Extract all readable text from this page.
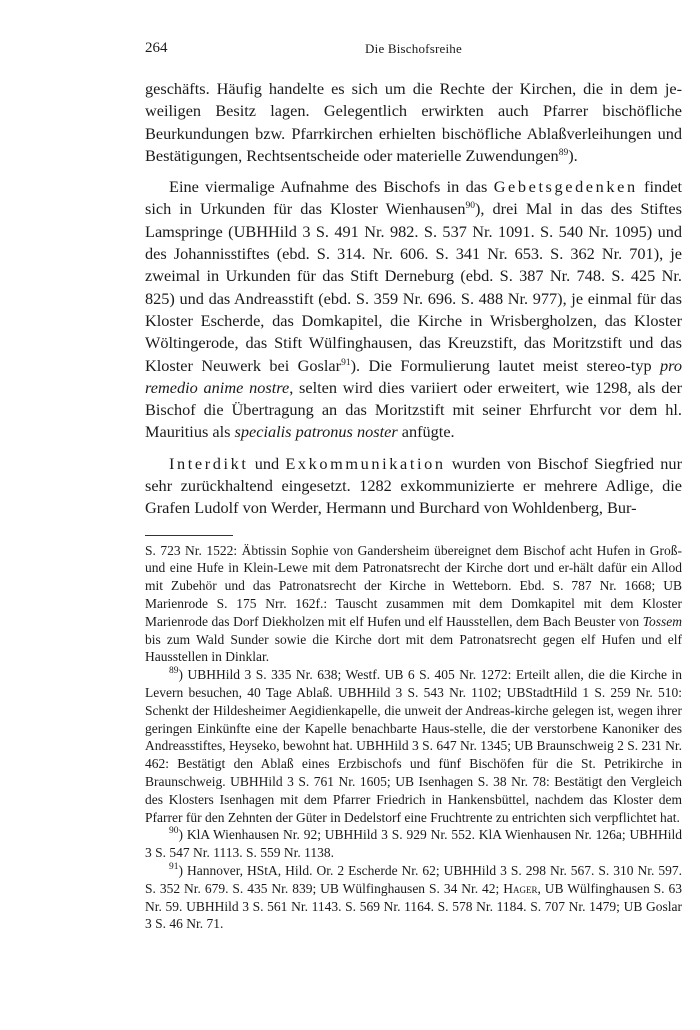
264	Die Bischofsreihe

geschäfts. Häufig handelte es sich um die Rechte der Kirchen, die in dem je-weiligen Besitz lagen. Gelegentlich erwirkten auch Pfarrer bischöfliche Beurkundungen bzw. Pfarrkirchen erhielten bischöfliche Ablaßverleihungen und Bestätigungen, Rechtsentscheide oder materielle Zuwendungen$^{89}$).

Eine viermalige Aufnahme des Bischofs in das Gebetsgedenken findet sich in Urkunden für das Kloster Wienhausen$^{90}$), drei Mal in das des Stiftes Lamspringe (UBHHild 3 S. 491 Nr. 982. S. 537 Nr. 1091. S. 540 Nr. 1095) und des Johannisstiftes (ebd. S. 314. Nr. 606. S. 341 Nr. 653. S. 362 Nr. 701), je zweimal in Urkunden für das Stift Derneburg (ebd. S. 387 Nr. 748. S. 425 Nr. 825) und das Andreasstift (ebd. S. 359 Nr. 696. S. 488 Nr. 977), je einmal für das Kloster Escherde, das Domkapitel, die Kirche in Wrisbergholzen, das Kloster Wöltingerode, das Stift Wülfinghausen, das Kreuzstift, das Moritzstift und das Kloster Neuwerk bei Goslar$^{91}$). Die Formulierung lautet meist stereo-typ pro remedio anime nostre, selten wird dies variiert oder erweitert, wie 1298, als der Bischof die Übertragung an das Moritzstift mit seiner Ehrfurcht vor dem hl. Mauritius als specialis patronus noster anfügte.

Interdikt und Exkommunikation wurden von Bischof Siegfried nur sehr zurückhaltend eingesetzt. 1282 exkommunizierte er mehrere Adlige, die Grafen Ludolf von Werder, Hermann und Burchard von Wohldenberg, Bur-

S. 723 Nr. 1522: Äbtissin Sophie von Gandersheim übereignet dem Bischof acht Hufen in Groß- und eine Hufe in Klein-Lewe mit dem Patronatsrecht der Kirche dort und er-hält dafür ein Allod mit Zubehör und das Patronatsrecht der Kirche in Wetteborn. Ebd. S. 787 Nr. 1668; UB Marienrode S. 175 Nrr. 162f.: Tauscht zusammen mit dem Domkapitel mit dem Kloster Marienrode das Dorf Diekholzen mit elf Hufen und elf Hausstellen, dem Bach Beuster von Tossem bis zum Wald Sunder sowie die Kirche dort mit dem Patronatsrecht gegen elf Hufen und elf Hausstellen in Dinklar.

$^{89}$) UBHHild 3 S. 335 Nr. 638; Westf. UB 6 S. 405 Nr. 1272: Erteilt allen, die die Kirche in Levern besuchen, 40 Tage Ablaß. UBHHild 3 S. 543 Nr. 1102; UBStadtHild 1 S. 259 Nr. 510: Schenkt der Hildesheimer Aegidienkapelle, die unweit der Andreas-kirche gelegen ist, wegen ihrer geringen Einkünfte eine der Kapelle benachbarte Haus-stelle, die der verstorbene Kanoniker des Andreasstiftes, Heyseko, bewohnt hat. UBHHild 3 S. 647 Nr. 1345; UB Braunschweig 2 S. 231 Nr. 462: Bestätigt den Ablaß eines Erzbischofs und fünf Bischöfen für die St. Petrikirche in Braunschweig. UBHHild 3 S. 761 Nr. 1605; UB Isenhagen S. 38 Nr. 78: Bestätigt den Vergleich des Klosters Isenhagen mit dem Pfarrer Friedrich in Hankensbüttel, nachdem das Kloster dem Pfarrer für den Zehnten der Güter in Dedelstorf eine Fruchtrente zu entrichten sich verpflichtet hat.

$^{90}$) KlA Wienhausen Nr. 92; UBHHild 3 S. 929 Nr. 552. KlA Wienhausen Nr. 126a; UBHHild 3 S. 547 Nr. 1113. S. 559 Nr. 1138.

$^{91}$) Hannover, HStA, Hild. Or. 2 Escherde Nr. 62; UBHHild 3 S. 298 Nr. 567. S. 310 Nr. 597. S. 352 Nr. 679. S. 435 Nr. 839; UB Wülfinghausen S. 34 Nr. 42; Hager, UB Wülfinghausen S. 63 Nr. 59. UBHHild 3 S. 561 Nr. 1143. S. 569 Nr. 1164. S. 578 Nr. 1184. S. 707 Nr. 1479; UB Goslar 3 S. 46 Nr. 71.
